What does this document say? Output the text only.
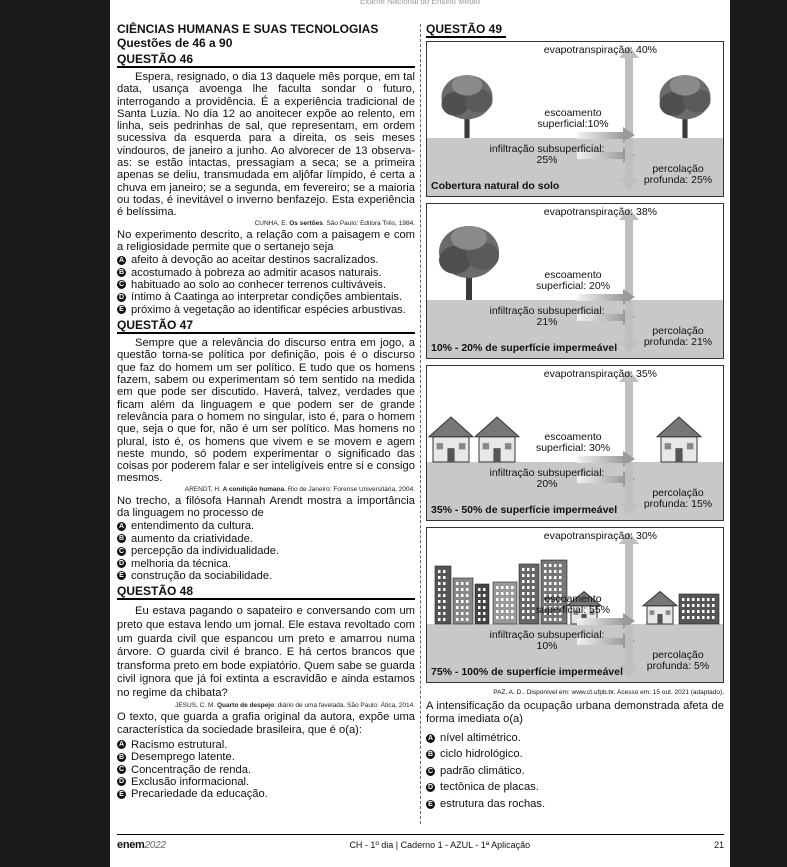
Exame Nacional do Ensino Médio
CIÊNCIAS HUMANAS E SUAS TECNOLOGIAS
Questões de 46 a 90
QUESTÃO 46

Espera, resignado, o dia 13 daquele mês porque, em tal data, usança avoenga lhe faculta sondar o futuro, interrogando a providência. É a experiência tradicional de Santa Luzia. No dia 12 ao anoitecer expõe ao relento, em linha, seis pedrinhas de sal, que representam, em ordem sucessiva da esquerda para a direita, os seis meses vindouros, de janeiro a junho. Ao alvorecer de 13 observa-as: se estão intactas, pressagiam a seca; se a primeira apenas se deliu, transmudada em aljôfar límpido, é certa a chuva em janeiro; se a segunda, em fevereiro; se a maioria ou todas, é inevitável o inverno benfazejo. Esta experiência é belíssima.

CUNHA, E. Os sertões. São Paulo: Editora Três, 1984.

No experimento descrito, a relação com a paisagem e com a religiosidade permite que o sertanejo seja

A afeito à devoção ao aceitar destinos sacralizados.
B acostumado à pobreza ao admitir acasos naturais.
C habituado ao solo ao conhecer terrenos cultiváveis.
D íntimo à Caatinga ao interpretar condições ambientais.
E próximo à vegetação ao identificar espécies arbustivas.
QUESTÃO 47

Sempre que a relevância do discurso entra em jogo, a questão torna-se política por definição, pois é o discurso que faz do homem um ser político. E tudo que os homens fazem, sabem ou experimentam só tem sentido na medida em que pode ser discutido. Haverá, talvez, verdades que ficam além da linguagem e que podem ser de grande relevância para o homem no singular, isto é, para o homem que, seja o que for, não é um ser político. Mas homens no plural, isto é, os homens que vivem e se movem e agem neste mundo, só podem experimentar o significado das coisas por poderem falar e ser inteligíveis entre si e consigo mesmos.

ARENDT, H. A condição humana. Rio de Janeiro: Forense Universitária, 2004.

No trecho, a filósofa Hannah Arendt mostra a importância da linguagem no processo de

A entendimento da cultura.
B aumento da criatividade.
C percepção da individualidade.
D melhoria da técnica.
E construção da sociabilidade.
QUESTÃO 48

Eu estava pagando o sapateiro e conversando com um preto que estava lendo um jornal. Ele estava revoltado com um guarda civil que espancou um preto e amarrou numa árvore. O guarda civil é branco. E há certos brancos que transforma preto em bode expiatório. Quem sabe se guarda civil ignora que já foi extinta a escravidão e ainda estamos no regime da chibata?

JESUS, C. M. Quarto de despejo: diário de uma favelada. São Paulo: Ática, 2014.

O texto, que guarda a grafia original da autora, expõe uma característica da sociedade brasileira, que é o(a):

A Racismo estrutural.
B Desemprego latente.
C Concentração de renda.
D Exclusão informacional.
E Precariedade da educação.
QUESTÃO 49
evapotranspiração: 40%
escoamento superficial:10%
infiltração subsuperficial: 25%
percolação profunda: 25%
Cobertura natural do solo
evapotranspiração: 38%
escoamento superficial: 20%
infiltração subsuperficial: 21%
percolação profunda: 21%
10% - 20% de superfície impermeável
evapotranspiração: 35%
escoamento superficial: 30%
infiltração subsuperficial: 20%
percolação profunda: 15%
35% - 50% de superfície impermeável
evapotranspiração: 30%
escoamento superficial: 55%
infiltração subsuperficial: 10%
percolação profunda: 5%
75% - 100% de superfície impermeável
PAZ, A. D.. Disponível em: www.ct.ufpb.br. Acesso em: 15 out. 2021 (adaptado).

A intensificação da ocupação urbana demonstrada afeta de forma imediata o(a)

A nível altimétrico.
B ciclo hidrológico.
C padrão climático.
D tectônica de placas.
E estrutura das rochas.
enem2022	CH - 1º dia | Caderno 1 - AZUL - 1ª Aplicação	21
